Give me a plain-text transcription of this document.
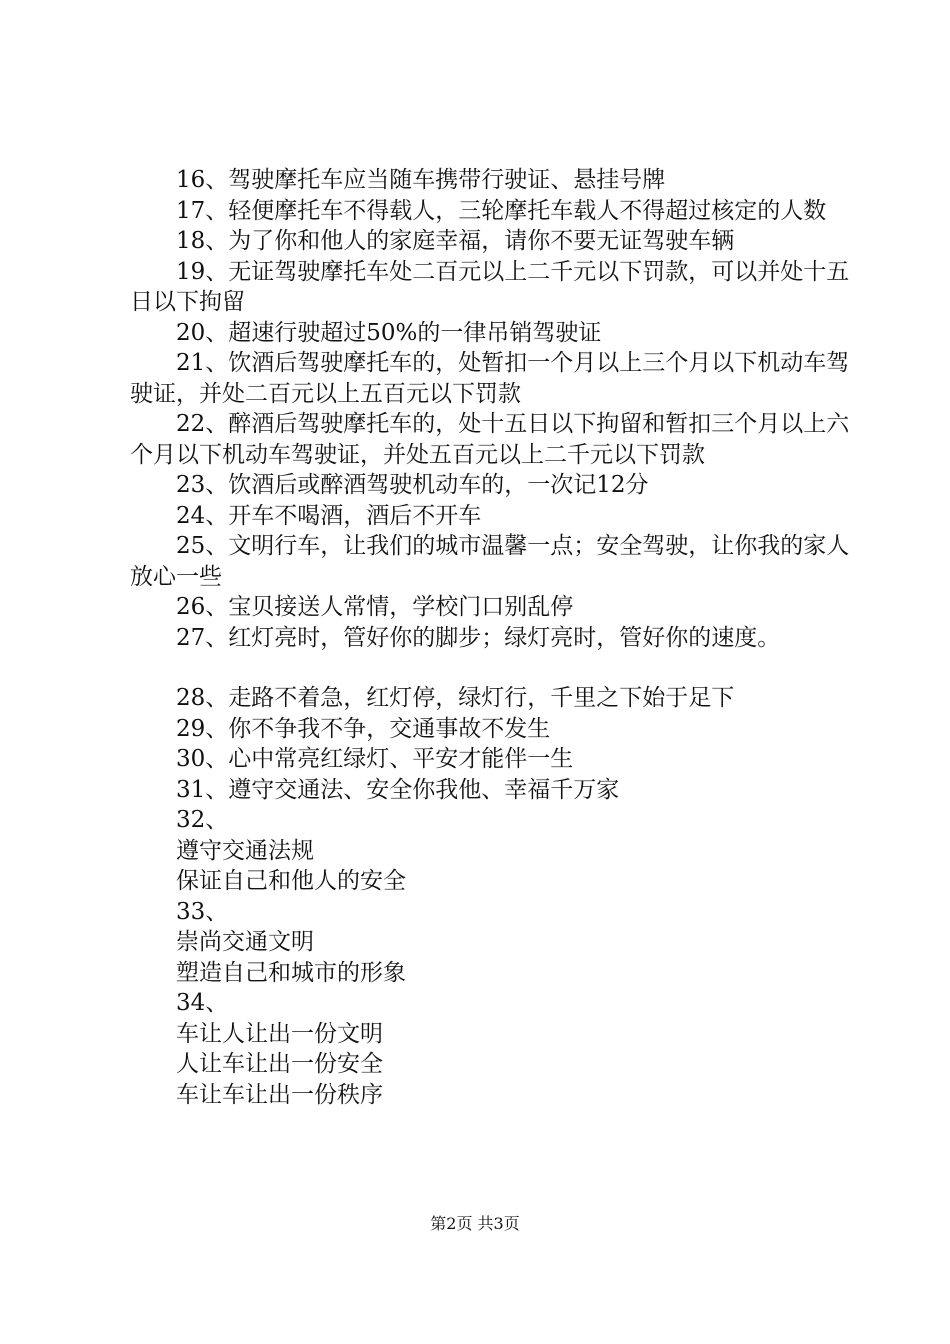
16、驾驶摩托车应当随车携带行驶证、悬挂号牌

17、轻便摩托车不得载人，三轮摩托车载人不得超过核定的人数

18、为了你和他人的家庭幸福，请你不要无证驾驶车辆

19、无证驾驶摩托车处二百元以上二千元以下罚款，可以并处十五日以下拘留

20、超速行驶超过50%的一律吊销驾驶证

21、饮酒后驾驶摩托车的，处暂扣一个月以上三个月以下机动车驾驶证，并处二百元以上五百元以下罚款

22、醉酒后驾驶摩托车的，处十五日以下拘留和暂扣三个月以上六个月以下机动车驾驶证，并处五百元以上二千元以下罚款

23、饮酒后或醉酒驾驶机动车的，一次记12分

24、开车不喝酒，酒后不开车

25、文明行车，让我们的城市温馨一点；安全驾驶，让你我的家人放心一些

26、宝贝接送人常情，学校门口别乱停

27、红灯亮时，管好你的脚步；绿灯亮时，管好你的速度。

28、走路不着急，红灯停，绿灯行，千里之下始于足下

29、你不争我不争，交通事故不发生

30、心中常亮红绿灯、平安才能伴一生

31、遵守交通法、安全你我他、幸福千万家

32、

遵守交通法规

保证自己和他人的安全

33、

崇尚交通文明

塑造自己和城市的形象

34、

车让人让出一份文明

人让车让出一份安全

车让车让出一份秩序

第2页 共3页
